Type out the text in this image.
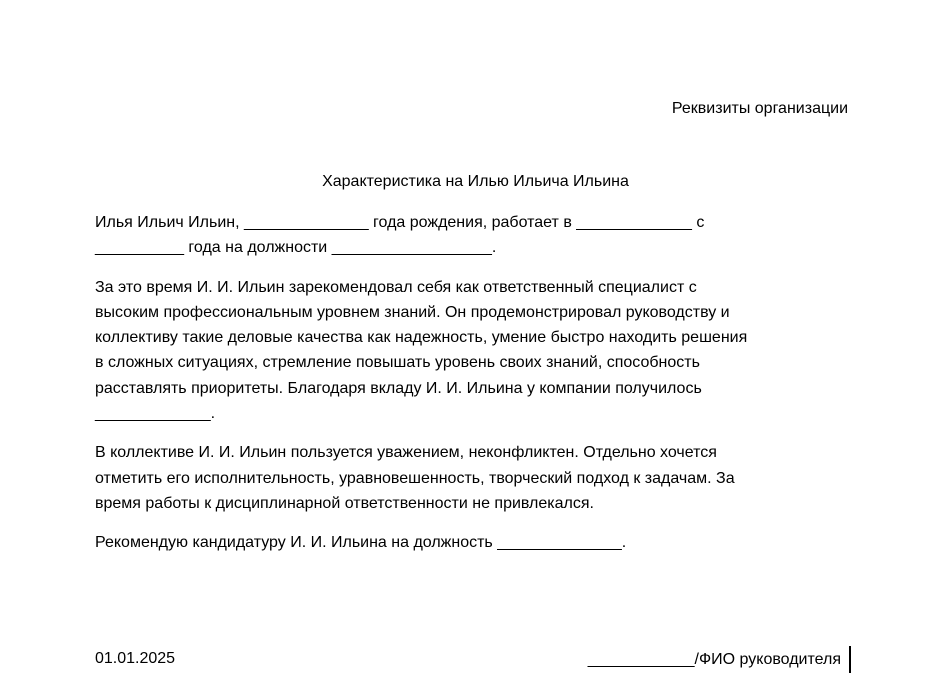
Реквизиты организации
Характеристика на Илью Ильича Ильина

Илья Ильич Ильин, ______________ года рождения, работает в _____________ с
__________ года на должности __________________.

За это время И. И. Ильин зарекомендовал себя как ответственный специалист с
высоким профессиональным уровнем знаний. Он продемонстрировал руководству и
коллективу такие деловые качества как надежность, умение быстро находить решения
в сложных ситуациях, стремление повышать уровень своих знаний, способность
расставлять приоритеты. Благодаря вкладу И. И. Ильина у компании получилось
_____________.

В коллективе И. И. Ильин пользуется уважением, неконфликтен. Отдельно хочется
отметить его исполнительность, уравновешенность, творческий подход к задачам. За
время работы к дисциплинарной ответственности не привлекался.

Рекомендую кандидатуру И. И. Ильина на должность ______________.

01.01.2025	____________/ФИО руководителя
